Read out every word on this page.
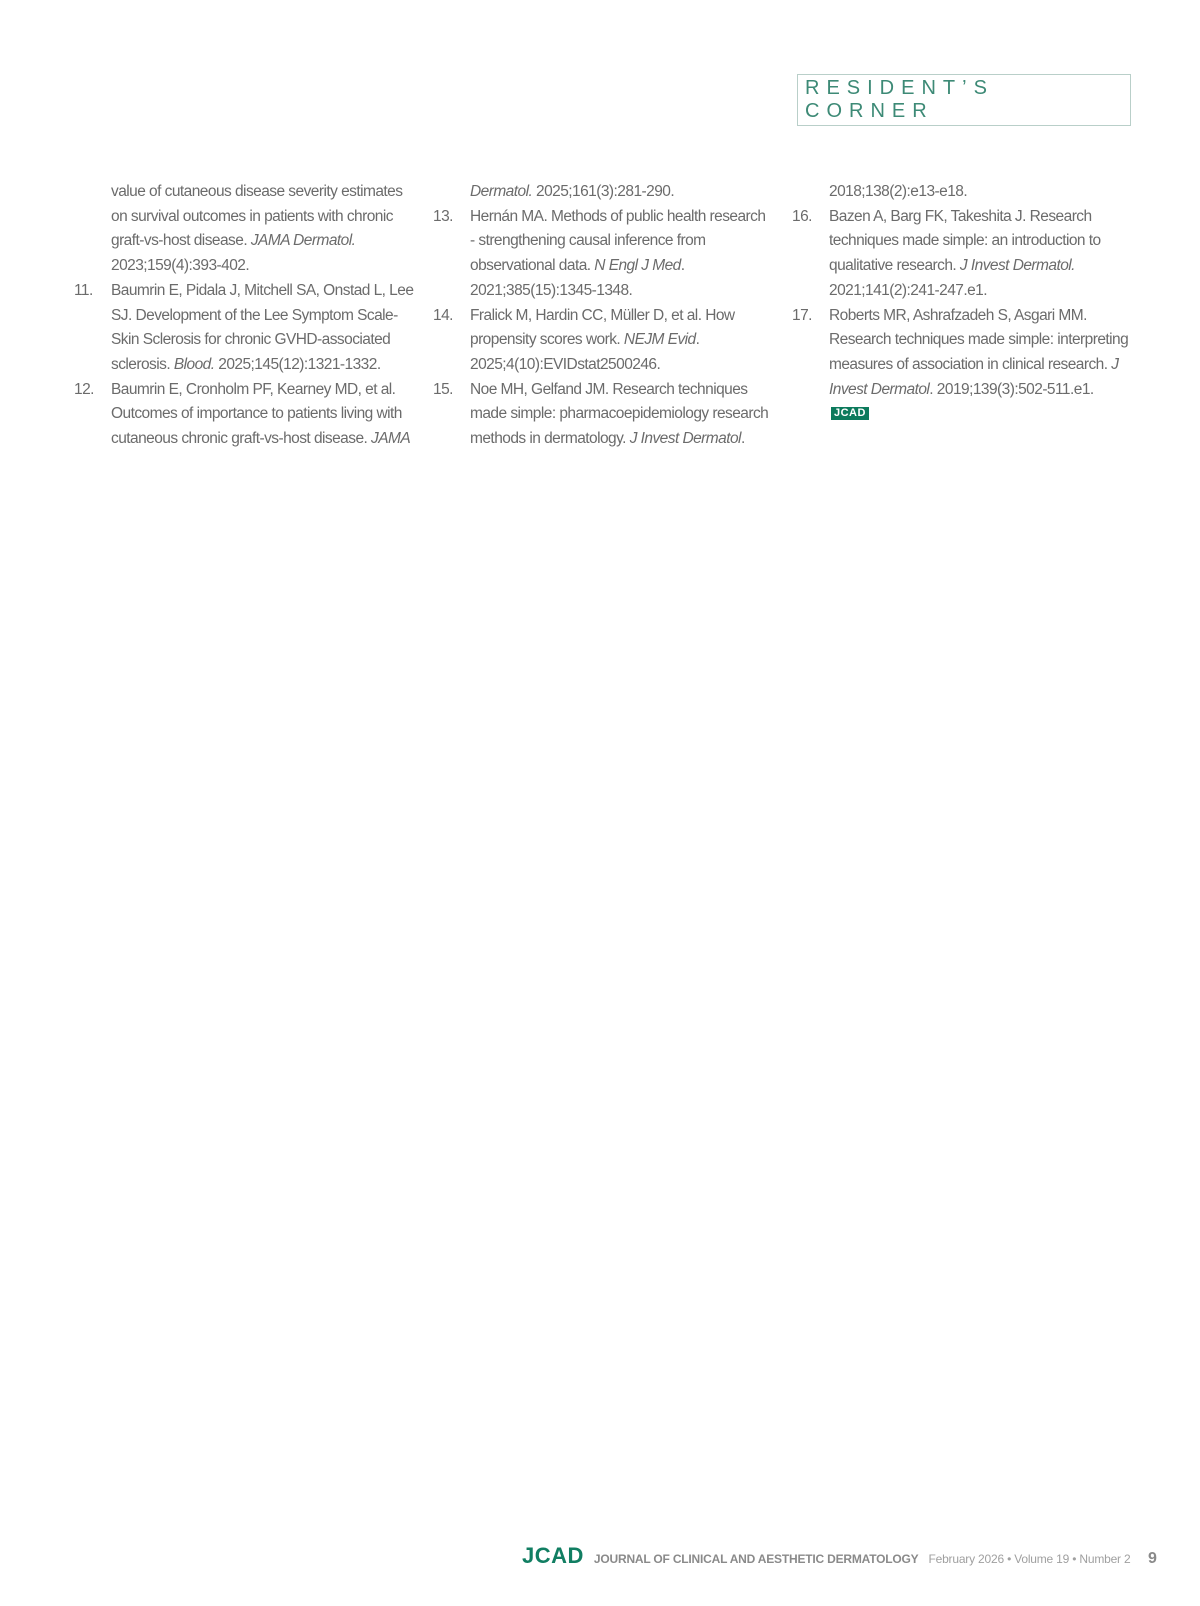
RESIDENT’S CORNER
value of cutaneous disease severity estimates on survival outcomes in patients with chronic graft-vs-host disease. JAMA Dermatol. 2023;159(4):393-402.
11. Baumrin E, Pidala J, Mitchell SA, Onstad L, Lee SJ. Development of the Lee Symptom Scale-Skin Sclerosis for chronic GVHD-associated sclerosis. Blood. 2025;145(12):1321-1332.
12. Baumrin E, Cronholm PF, Kearney MD, et al. Outcomes of importance to patients living with cutaneous chronic graft-vs-host disease. JAMA
Dermatol. 2025;161(3):281-290.
13. Hernán MA. Methods of public health research - strengthening causal inference from observational data. N Engl J Med. 2021;385(15):1345-1348.
14. Fralick M, Hardin CC, Müller D, et al. How propensity scores work. NEJM Evid. 2025;4(10):EVIDstat2500246.
15. Noe MH, Gelfand JM. Research techniques made simple: pharmacoepidemiology research methods in dermatology. J Invest Dermatol.
2018;138(2):e13-e18.
16. Bazen A, Barg FK, Takeshita J. Research techniques made simple: an introduction to qualitative research. J Invest Dermatol. 2021;141(2):241-247.e1.
17. Roberts MR, Ashrafzadeh S, Asgari MM. Research techniques made simple: interpreting measures of association in clinical research. J Invest Dermatol. 2019;139(3):502-511.e1. JCAD
JCAD JOURNAL OF CLINICAL AND AESTHETIC DERMATOLOGY February 2026 • Volume 19 • Number 2 9
